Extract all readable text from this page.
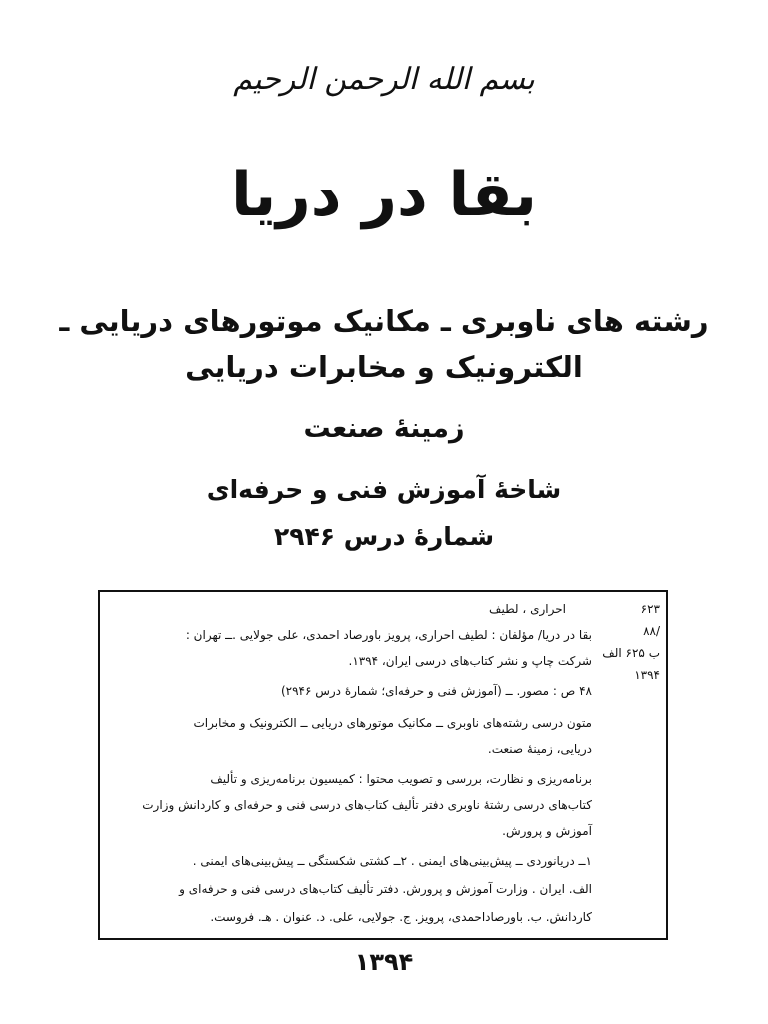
بسم الله الرحمن الرحیم
بقا در دریا
رشته های ناوبری ـ مکانیک موتورهای دریایی ـ
الکترونیک و مخابرات دریایی
زمینۀ صنعت
شاخۀ آموزش فنی و حرفه‌ای
شمارۀ درس ۲۹۴۶
۶۲۳
/۸۸
ب ۶۲۵ الف
۱۳۹۴
احراری ، لطیف
بقا در دریا/ مؤلفان : لطیف احراری، پرویز باورصاد احمدی، علی جولایی .ــ تهران :
شرکت چاپ و نشر کتاب‌های درسی ایران، ۱۳۹۴.
۴۸ ص : مصور. ــ (آموزش فنی و حرفه‌ای؛ شمارۀ درس ۲۹۴۶)
متون درسی رشته‌های ناوبری ــ مکانیک موتورهای دریایی ــ الکترونیک و مخابرات
دریایی، زمینۀ صنعت.
برنامه‌ریزی و نظارت، بررسی و تصویب محتوا : کمیسیون برنامه‌ریزی و تألیف
کتاب‌های درسی رشتۀ ناوبری دفتر تألیف کتاب‌های درسی فنی و حرفه‌ای و کاردانش وزارت
آموزش و پرورش.
۱ــ دریانوردی ــ پیش‌بینی‌های ایمنی . ۲ــ کشتی شکستگی ــ پیش‌بینی‌های ایمنی .
الف. ایران . وزارت آموزش و پرورش. دفتر تألیف کتاب‌های درسی فنی و حرفه‌ای و
کاردانش. ب. باورصاداحمدی، پرویز. ج. جولایی، علی. د. عنوان . هـ. فروست.
۱۳۹۴
